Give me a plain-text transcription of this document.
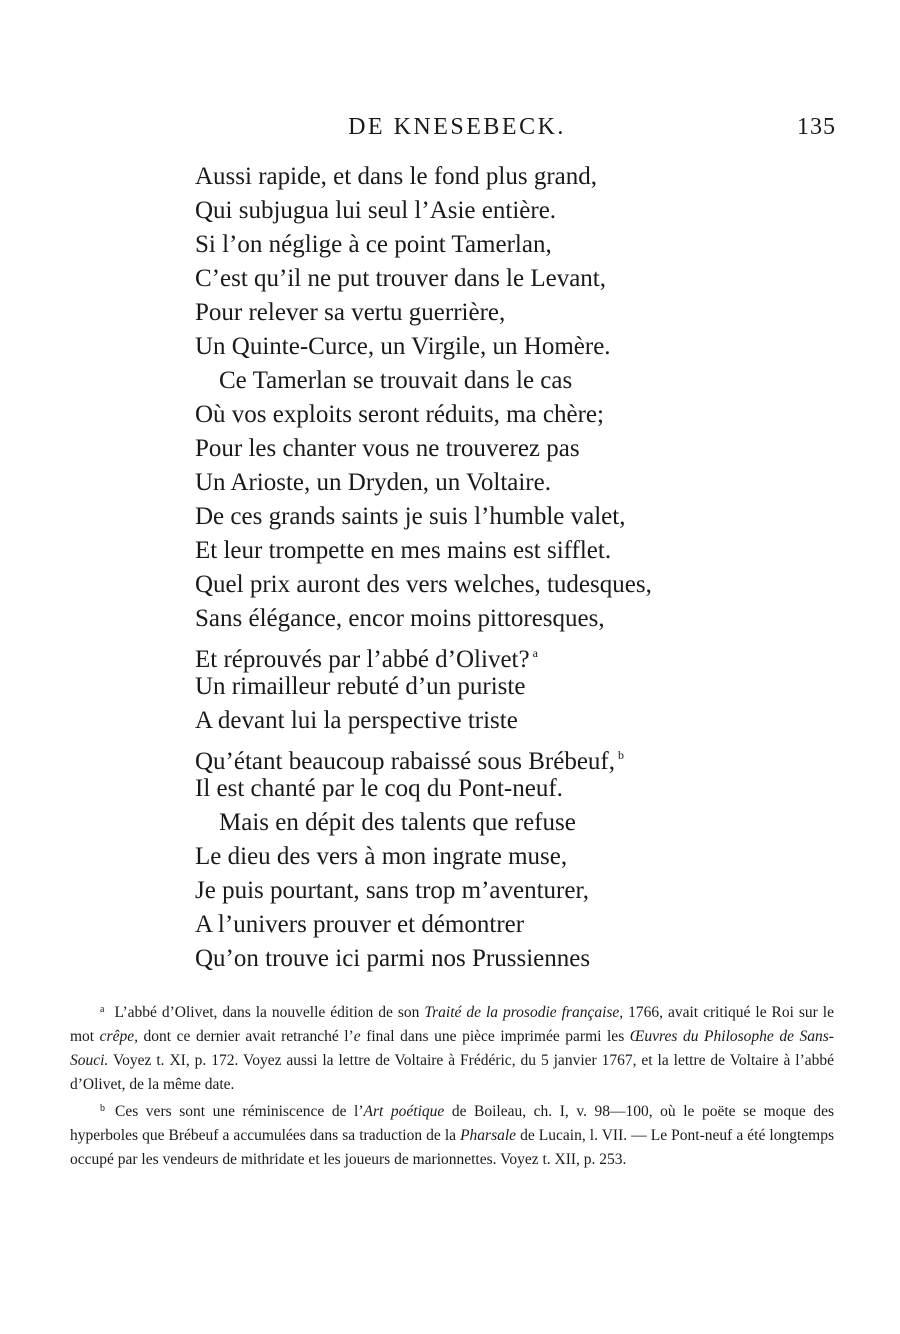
DE KNESEBECK.	135
Aussi rapide, et dans le fond plus grand,
Qui subjugua lui seul l’Asie entière.
Si l’on néglige à ce point Tamerlan,
C’est qu’il ne put trouver dans le Levant,
Pour relever sa vertu guerrière,
Un Quinte-Curce, un Virgile, un Homère.
Ce Tamerlan se trouvait dans le cas
Où vos exploits seront réduits, ma chère;
Pour les chanter vous ne trouverez pas
Un Arioste, un Dryden, un Voltaire.
De ces grands saints je suis l’humble valet,
Et leur trompette en mes mains est sifflet.
Quel prix auront des vers welches, tudesques,
Sans élégance, encor moins pittoresques,
Et réprouvés par l’abbé d’Olivet? $^a$
Un rimailleur rebuté d’un puriste
A devant lui la perspective triste
Qu’étant beaucoup rabaissé sous Brébeuf, $^b$
Il est chanté par le coq du Pont-neuf.
Mais en dépit des talents que refuse
Le dieu des vers à mon ingrate muse,
Je puis pourtant, sans trop m’aventurer,
A l’univers prouver et démontrer
Qu’on trouve ici parmi nos Prussiennes

$^a$ L’abbé d’Olivet, dans la nouvelle édition de son Traité de la prosodie française, 1766, avait critiqué le Roi sur le mot crêpe, dont ce dernier avait retranché l’e final dans une pièce imprimée parmi les Œuvres du Philosophe de Sans-Souci. Voyez t. XI, p. 172. Voyez aussi la lettre de Voltaire à Frédéric, du 5 janvier 1767, et la lettre de Voltaire à l’abbé d’Olivet, de la même date.

$^b$ Ces vers sont une réminiscence de l’Art poétique de Boileau, ch. I, v. 98—100, où le poëte se moque des hyperboles que Brébeuf a accumulées dans sa traduction de la Pharsale de Lucain, l. VII. — Le Pont-neuf a été longtemps occupé par les vendeurs de mithridate et les joueurs de marionnettes. Voyez t. XII, p. 253.
